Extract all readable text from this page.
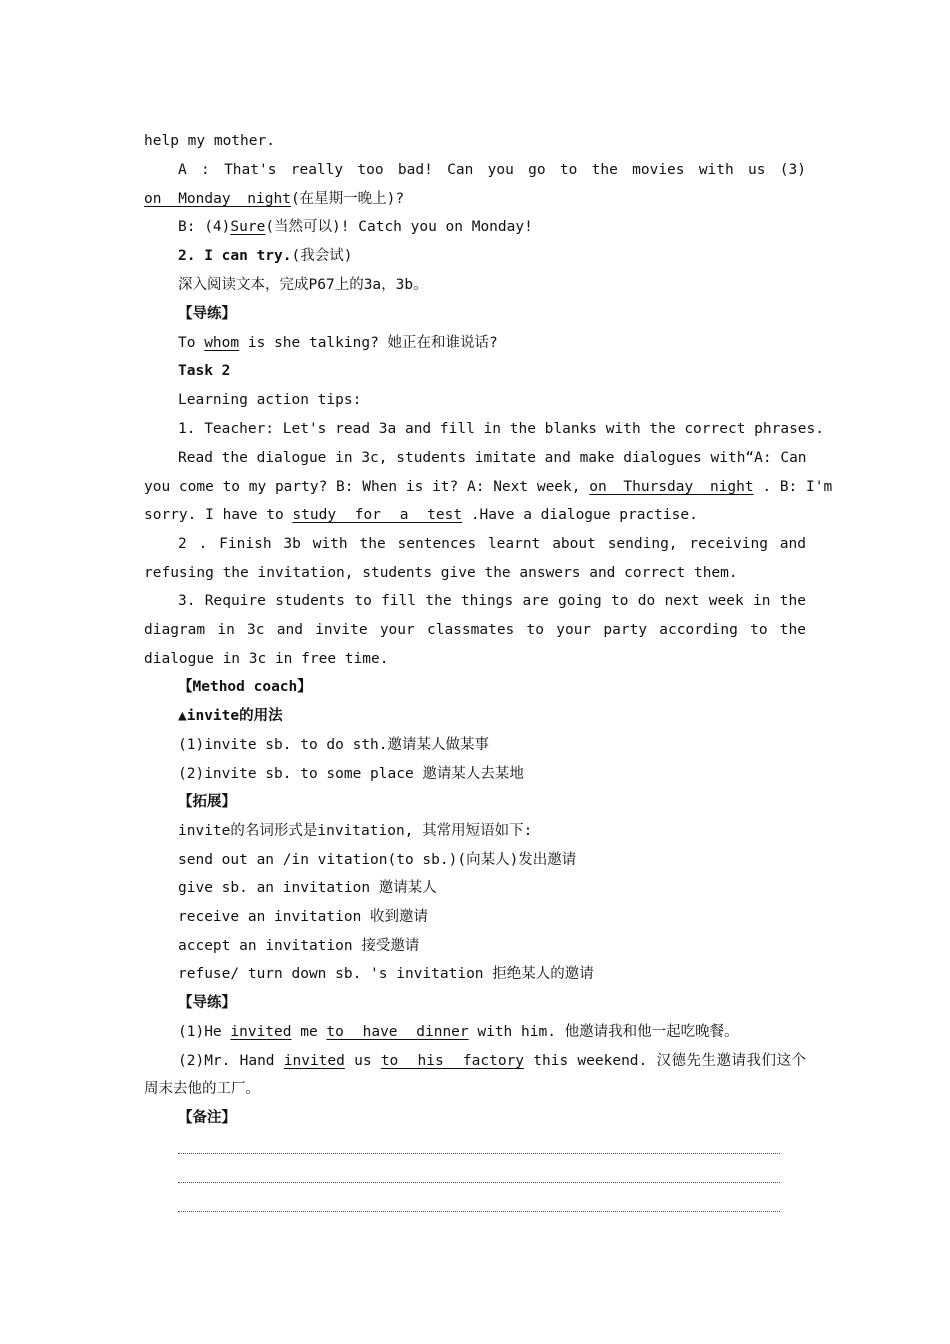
help my mother.
A : That's really too bad! Can you go to the movies with us (3)
on Monday night(在星期一晚上)?
B: (4)Sure(当然可以)! Catch you on Monday!
2. I can try.(我会试)
深入阅读文本，完成P67上的3a，3b。
【导练】
To whom is she talking? 她正在和谁说话?
Task 2
Learning action tips:
1. Teacher: Let's read 3a and fill in the blanks with the correct phrases.
Read the dialogue in 3c, students imitate and make dialogues with“A: Can
you come to my party? B: When is it? A: Next week, on Thursday night . B: I'm
sorry. I have to study for a test .Have a dialogue practise.
2 . Finish 3b with the sentences learnt about sending, receiving and
refusing the invitation, students give the answers and correct them.
3. Require students to fill the things are going to do next week in the
diagram in 3c and invite your classmates to your party according to the
dialogue in 3c in free time.
【Method coach】
▲invite的用法
(1)invite sb. to do sth.邀请某人做某事
(2)invite sb. to some place 邀请某人去某地
【拓展】
invite的名词形式是invitation, 其常用短语如下:
send out an /in vitation(to sb.)(向某人)发出邀请
give sb. an invitation 邀请某人
receive an invitation 收到邀请
accept an invitation 接受邀请
refuse/ turn down sb. 's invitation 拒绝某人的邀请
【导练】
(1)He invited me to have dinner with him. 他邀请我和他一起吃晚餐。
(2)Mr. Hand invited us to his factory this weekend. 汉德先生邀请我们这个
周末去他的工厂。
【备注】
